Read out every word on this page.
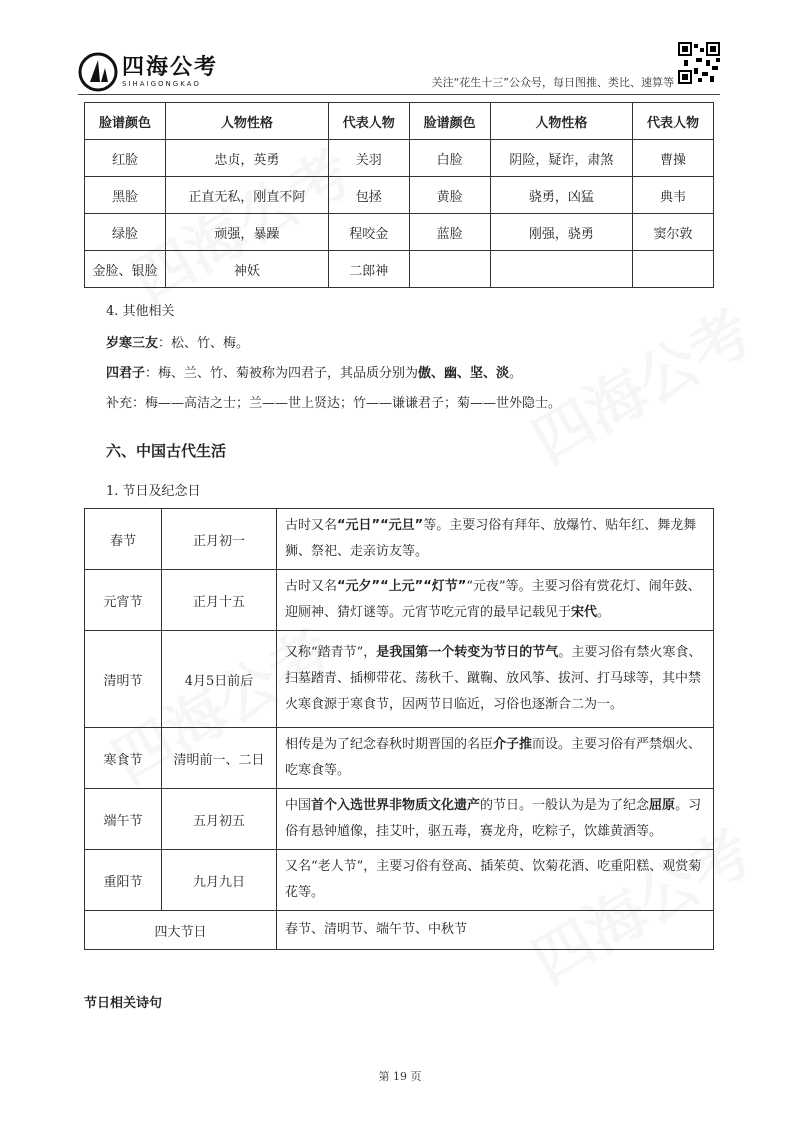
四海公考
SIHAIGONGKAO	关注“花生十三”公众号，每日图推、类比、速算等
脸谱颜色	人物性格	代表人物	脸谱颜色	人物性格	代表人物
红脸	忠贞，英勇	关羽	白脸	阴险，疑诈，肃煞	曹操
黑脸	正直无私，刚直不阿	包拯	黄脸	骁勇，凶猛	典韦
绿脸	顽强，暴躁	程咬金	蓝脸	刚强，骁勇	窦尔敦
金脸、银脸	神妖	二郎神			
4. 其他相关
岁寒三友：松、竹、梅。
四君子：梅、兰、竹、菊被称为四君子，其品质分别为傲、幽、坚、淡。
补充：梅——高洁之士；兰——世上贤达；竹——谦谦君子；菊——世外隐士。
六、中国古代生活
1. 节日及纪念日
春节	正月初一	古时又名“元日”“元旦”等。主要习俗有拜年、放爆竹、贴年红、舞龙舞狮、祭祀、走亲访友等。
元宵节	正月十五	古时又名“元夕”“上元”“灯节”“元夜”等。主要习俗有赏花灯、闹年鼓、迎厕神、猜灯谜等。元宵节吃元宵的最早记载见于宋代。
清明节	4月5日前后	又称“踏青节”，是我国第一个转变为节日的节气。主要习俗有禁火寒食、扫墓踏青、插柳带花、荡秋千、蹴鞠、放风筝、拔河、打马球等，其中禁火寒食源于寒食节，因两节日临近，习俗也逐渐合二为一。
寒食节	清明前一、二日	相传是为了纪念春秋时期晋国的名臣介子推而设。主要习俗有严禁烟火、吃寒食等。
端午节	五月初五	中国首个入选世界非物质文化遗产的节日。一般认为是为了纪念屈原。习俗有悬钟馗像，挂艾叶，驱五毒，赛龙舟，吃粽子，饮雄黄酒等。
重阳节	九月九日	又名“老人节”，主要习俗有登高、插茱萸、饮菊花酒、吃重阳糕、观赏菊花等。
四大节日		春节、清明节、端午节、中秋节
节日相关诗句
第 19 页
